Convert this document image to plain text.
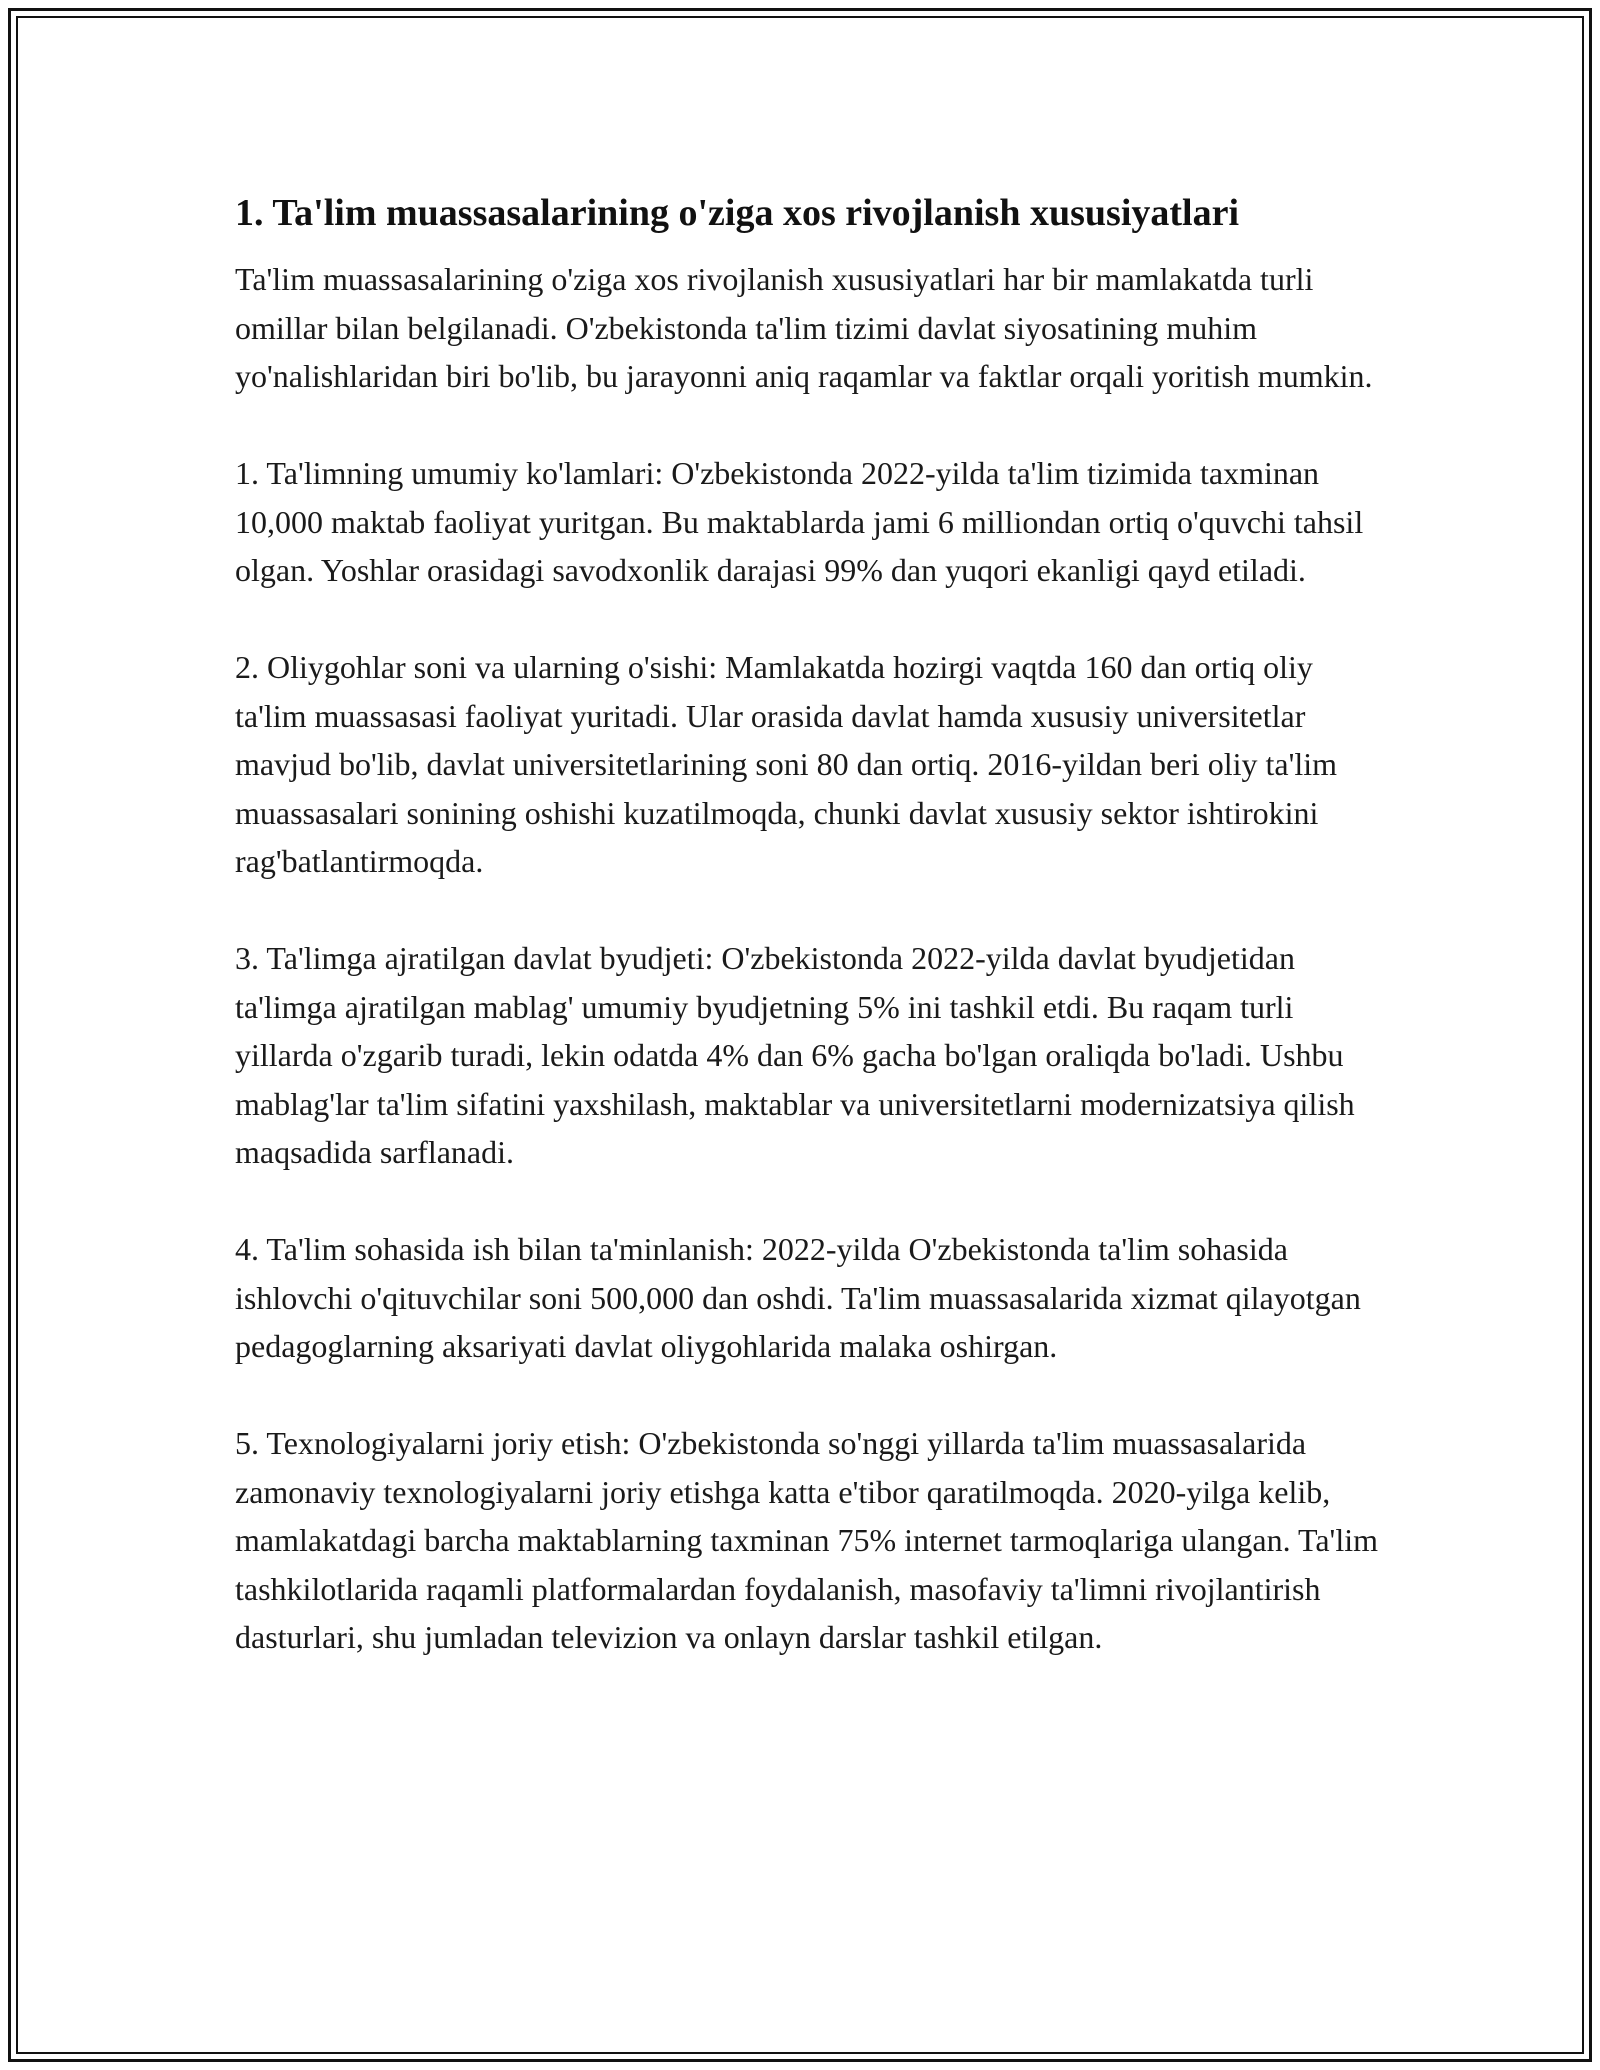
1. Ta'lim muassasalarining o'ziga xos rivojlanish xususiyatlari

Ta'lim muassasalarining o'ziga xos rivojlanish xususiyatlari har bir mamlakatda turli omillar bilan belgilanadi. O'zbekistonda ta'lim tizimi davlat siyosatining muhim yo'nalishlaridan biri bo'lib, bu jarayonni aniq raqamlar va faktlar orqali yoritish mumkin.

1. Ta'limning umumiy ko'lamlari: O'zbekistonda 2022-yilda ta'lim tizimida taxminan 10,000 maktab faoliyat yuritgan. Bu maktablarda jami 6 milliondan ortiq o'quvchi tahsil olgan. Yoshlar orasidagi savodxonlik darajasi 99% dan yuqori ekanligi qayd etiladi.

2. Oliygohlar soni va ularning o'sishi: Mamlakatda hozirgi vaqtda 160 dan ortiq oliy ta'lim muassasasi faoliyat yuritadi. Ular orasida davlat hamda xususiy universitetlar mavjud bo'lib, davlat universitetlarining soni 80 dan ortiq. 2016-yildan beri oliy ta'lim muassasalari sonining oshishi kuzatilmoqda, chunki davlat xususiy sektor ishtirokini rag'batlantirmoqda.

3. Ta'limga ajratilgan davlat byudjeti: O'zbekistonda 2022-yilda davlat byudjetidan ta'limga ajratilgan mablag' umumiy byudjetning 5% ini tashkil etdi. Bu raqam turli yillarda o'zgarib turadi, lekin odatda 4% dan 6% gacha bo'lgan oraliqda bo'ladi. Ushbu mablag'lar ta'lim sifatini yaxshilash, maktablar va universitetlarni modernizatsiya qilish maqsadida sarflanadi.

4. Ta'lim sohasida ish bilan ta'minlanish: 2022-yilda O'zbekistonda ta'lim sohasida ishlovchi o'qituvchilar soni 500,000 dan oshdi. Ta'lim muassasalarida xizmat qilayotgan pedagoglarning aksariyati davlat oliygohlarida malaka oshirgan.

5. Texnologiyalarni joriy etish: O'zbekistonda so'nggi yillarda ta'lim muassasalarida zamonaviy texnologiyalarni joriy etishga katta e'tibor qaratilmoqda. 2020-yilga kelib, mamlakatdagi barcha maktablarning taxminan 75% internet tarmoqlariga ulangan. Ta'lim tashkilotlarida raqamli platformalardan foydalanish, masofaviy ta'limni rivojlantirish dasturlari, shu jumladan televizion va onlayn darslar tashkil etilgan.
